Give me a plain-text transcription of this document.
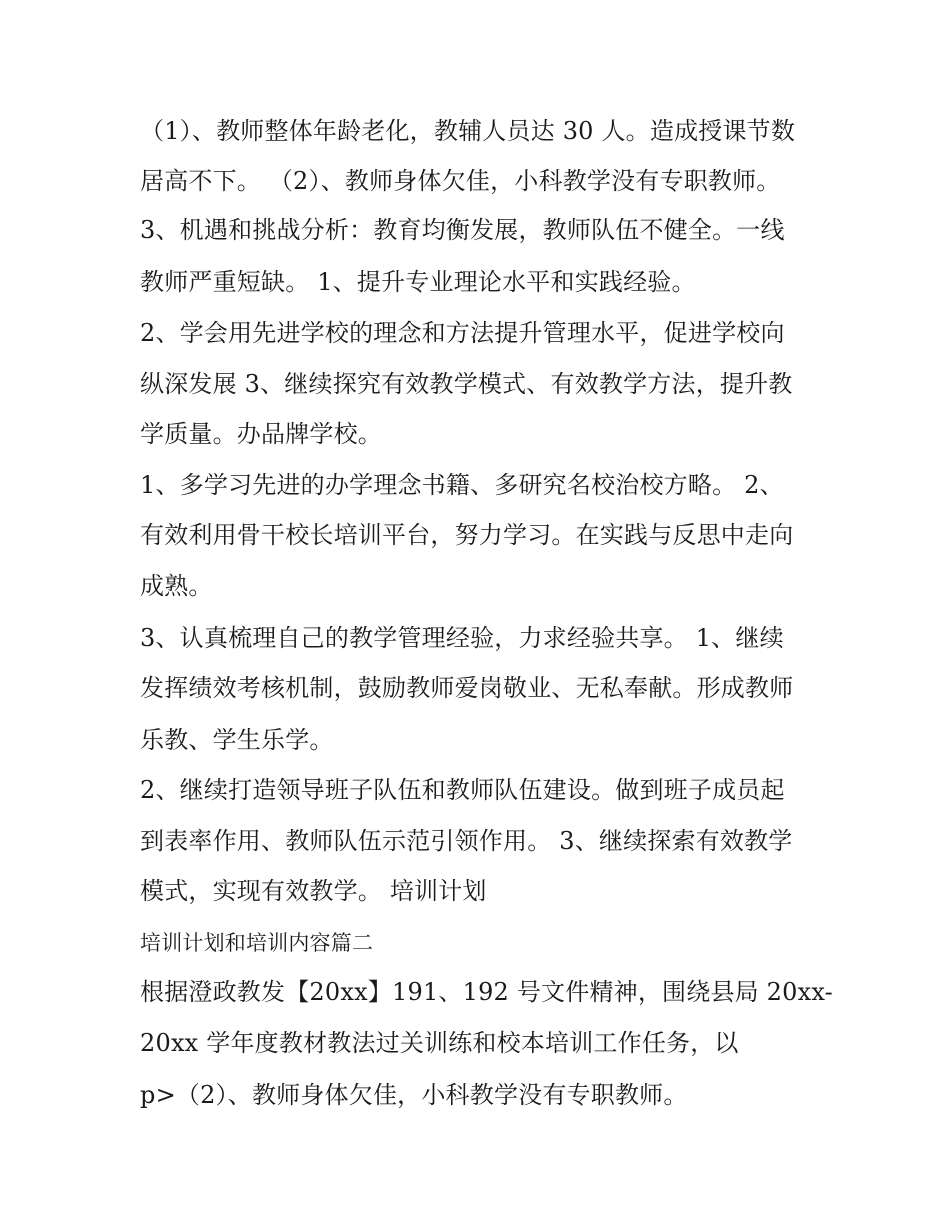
（1）、教师整体年龄老化，教辅人员达 30 人。造成授课节数
居高不下。 （2）、教师身体欠佳，小科教学没有专职教师。
3、机遇和挑战分析：教育均衡发展，教师队伍不健全。一线
教师严重短缺。 1、提升专业理论水平和实践经验。
2、学会用先进学校的理念和方法提升管理水平，促进学校向
纵深发展 3、继续探究有效教学模式、有效教学方法，提升教
学质量。办品牌学校。
1、多学习先进的办学理念书籍、多研究名校治校方略。 2、
有效利用骨干校长培训平台，努力学习。在实践与反思中走向
成熟。
3、认真梳理自己的教学管理经验，力求经验共享。 1、继续
发挥绩效考核机制，鼓励教师爱岗敬业、无私奉献。形成教师
乐教、学生乐学。
2、继续打造领导班子队伍和教师队伍建设。做到班子成员起
到表率作用、教师队伍示范引领作用。 3、继续探索有效教学
模式，实现有效教学。 培训计划
培训计划和培训内容篇二
根据澄政教发【20xx】191、192 号文件精神，围绕县局 20xx-
20xx 学年度教材教法过关训练和校本培训工作任务，以
p>（2）、教师身体欠佳，小科教学没有专职教师。
